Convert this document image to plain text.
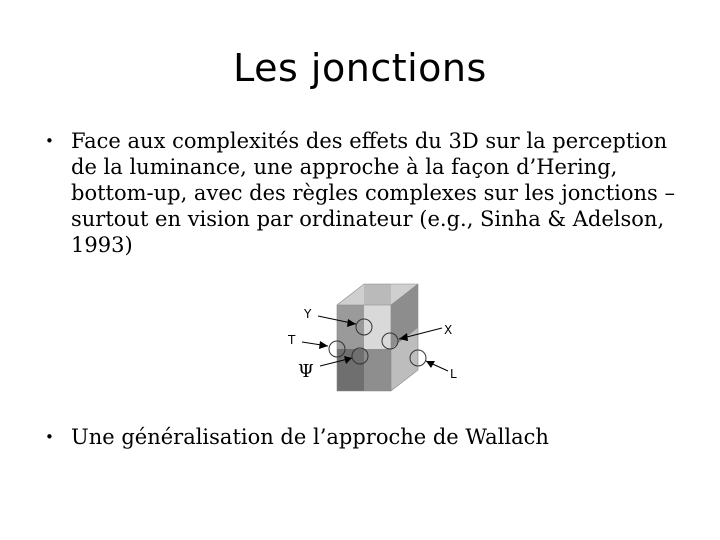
Les jonctions
• Face aux complexités des effets du 3D sur la perception de la luminance, une approche à la façon d’Hering, bottom-up, avec des règles complexes sur les jonctions – surtout en vision par ordinateur (e.g., Sinha & Adelson, 1993)
Y
T
X
Ψ	L
• Une généralisation de l’approche de Wallach
